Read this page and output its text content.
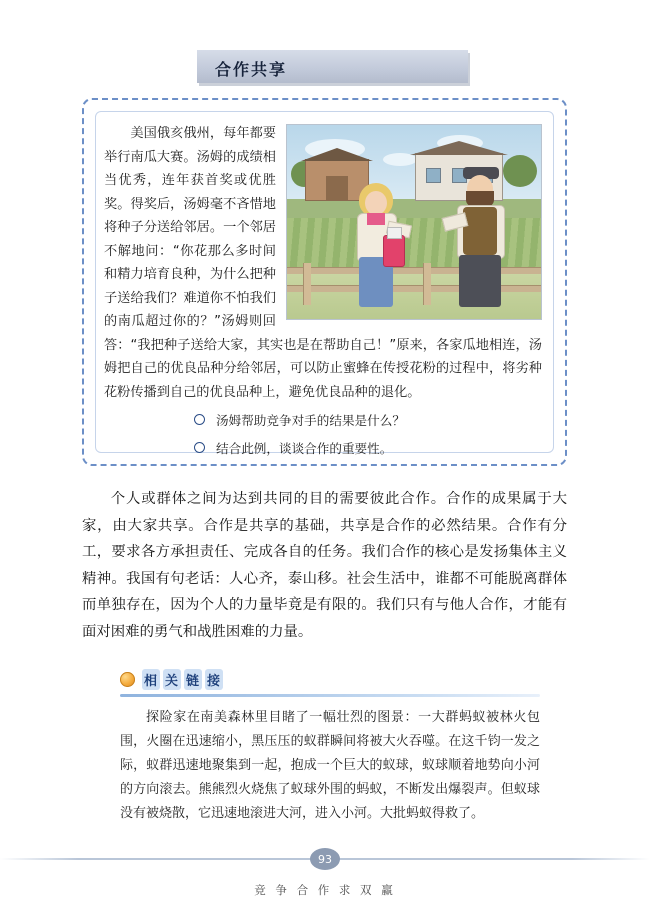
合作共享
美国俄亥俄州，每年都要举行南瓜大赛。汤姆的成绩相当优秀，连年获首奖或优胜奖。得奖后，汤姆毫不吝惜地将种子分送给邻居。一个邻居不解地问：“你花那么多时间和精力培育良种，为什么把种子送给我们？难道你不怕我们的南瓜超过你的？”汤姆则回答：“我把种子送给大家，其实也是在帮助自己！”原来，各家瓜地相连，汤姆把自己的优良品种分给邻居，可以防止蜜蜂在传授花粉的过程中，将劣种花粉传播到自己的优良品种上，避免优良品种的退化。
汤姆帮助竞争对手的结果是什么？
结合此例，谈谈合作的重要性。
个人或群体之间为达到共同的目的需要彼此合作。合作的成果属于大家，由大家共享。合作是共享的基础，共享是合作的必然结果。合作有分工，要求各方承担责任、完成各自的任务。我们合作的核心是发扬集体主义精神。我国有句老话：人心齐，泰山移。社会生活中，谁都不可能脱离群体而单独存在，因为个人的力量毕竟是有限的。我们只有与他人合作，才能有面对困难的勇气和战胜困难的力量。
相 关 链 接
探险家在南美森林里目睹了一幅壮烈的图景：一大群蚂蚁被林火包围，火圈在迅速缩小，黑压压的蚁群瞬间将被大火吞噬。在这千钧一发之际，蚁群迅速地聚集到一起，抱成一个巨大的蚁球，蚁球顺着地势向小河的方向滚去。熊熊烈火烧焦了蚁球外围的蚂蚁，不断发出爆裂声。但蚁球没有被烧散，它迅速地滚进大河，进入小河。大批蚂蚁得救了。
93
竞 争 合 作 求 双 赢
